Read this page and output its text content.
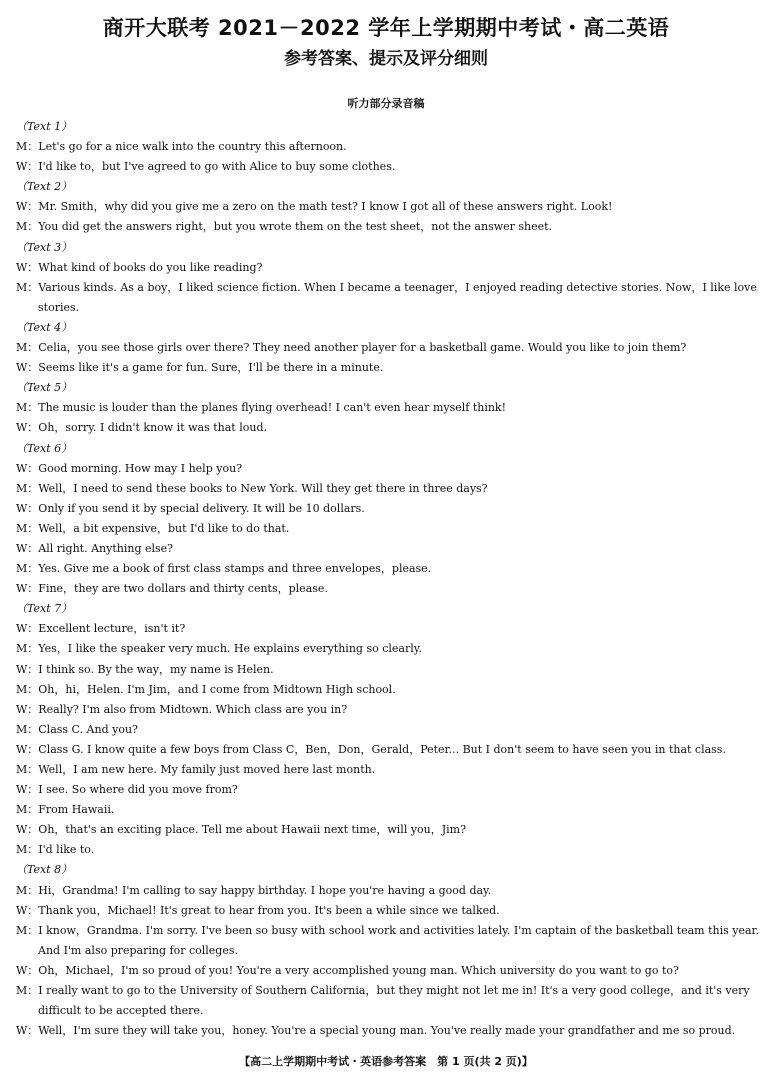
商开大联考 2021－2022 学年上学期期中考试・高二英语
参考答案、提示及评分细则
听力部分录音稿
（Text 1）
M：Let's go for a nice walk into the country this afternoon.
W：I'd like to，but I've agreed to go with Alice to buy some clothes.
（Text 2）
W：Mr. Smith，why did you give me a zero on the math test? I know I got all of these answers right. Look!
M：You did get the answers right，but you wrote them on the test sheet，not the answer sheet.
（Text 3）
W：What kind of books do you like reading?
M：Various kinds. As a boy，I liked science fiction. When I became a teenager，I enjoyed reading detective stories. Now，I like love
stories.
（Text 4）
M：Celia，you see those girls over there? They need another player for a basketball game. Would you like to join them?
W：Seems like it's a game for fun. Sure，I'll be there in a minute.
（Text 5）
M：The music is louder than the planes flying overhead! I can't even hear myself think!
W：Oh，sorry. I didn't know it was that loud.
（Text 6）
W：Good morning. How may I help you?
M：Well，I need to send these books to New York. Will they get there in three days?
W：Only if you send it by special delivery. It will be 10 dollars.
M：Well，a bit expensive，but I'd like to do that.
W：All right. Anything else?
M：Yes. Give me a book of first class stamps and three envelopes，please.
W：Fine，they are two dollars and thirty cents，please.
（Text 7）
W：Excellent lecture，isn't it?
M：Yes，I like the speaker very much. He explains everything so clearly.
W：I think so. By the way，my name is Helen.
M：Oh，hi，Helen. I'm Jim，and I come from Midtown High school.
W：Really? I'm also from Midtown. Which class are you in?
M：Class C. And you?
W：Class G. I know quite a few boys from Class C，Ben，Don，Gerald，Peter... But I don't seem to have seen you in that class.
M：Well，I am new here. My family just moved here last month.
W：I see. So where did you move from?
M：From Hawaii.
W：Oh，that's an exciting place. Tell me about Hawaii next time，will you，Jim?
M：I'd like to.
（Text 8）
M：Hi，Grandma! I'm calling to say happy birthday. I hope you're having a good day.
W：Thank you，Michael! It's great to hear from you. It's been a while since we talked.
M：I know，Grandma. I'm sorry. I've been so busy with school work and activities lately. I'm captain of the basketball team this year.
And I'm also preparing for colleges.
W：Oh，Michael，I'm so proud of you! You're a very accomplished young man. Which university do you want to go to?
M：I really want to go to the University of Southern California，but they might not let me in! It's a very good college，and it's very
difficult to be accepted there.
W：Well，I'm sure they will take you，honey. You're a special young man. You've really made your grandfather and me so proud.
【高二上学期期中考试・英语参考答案　第 1 页(共 2 页)】
